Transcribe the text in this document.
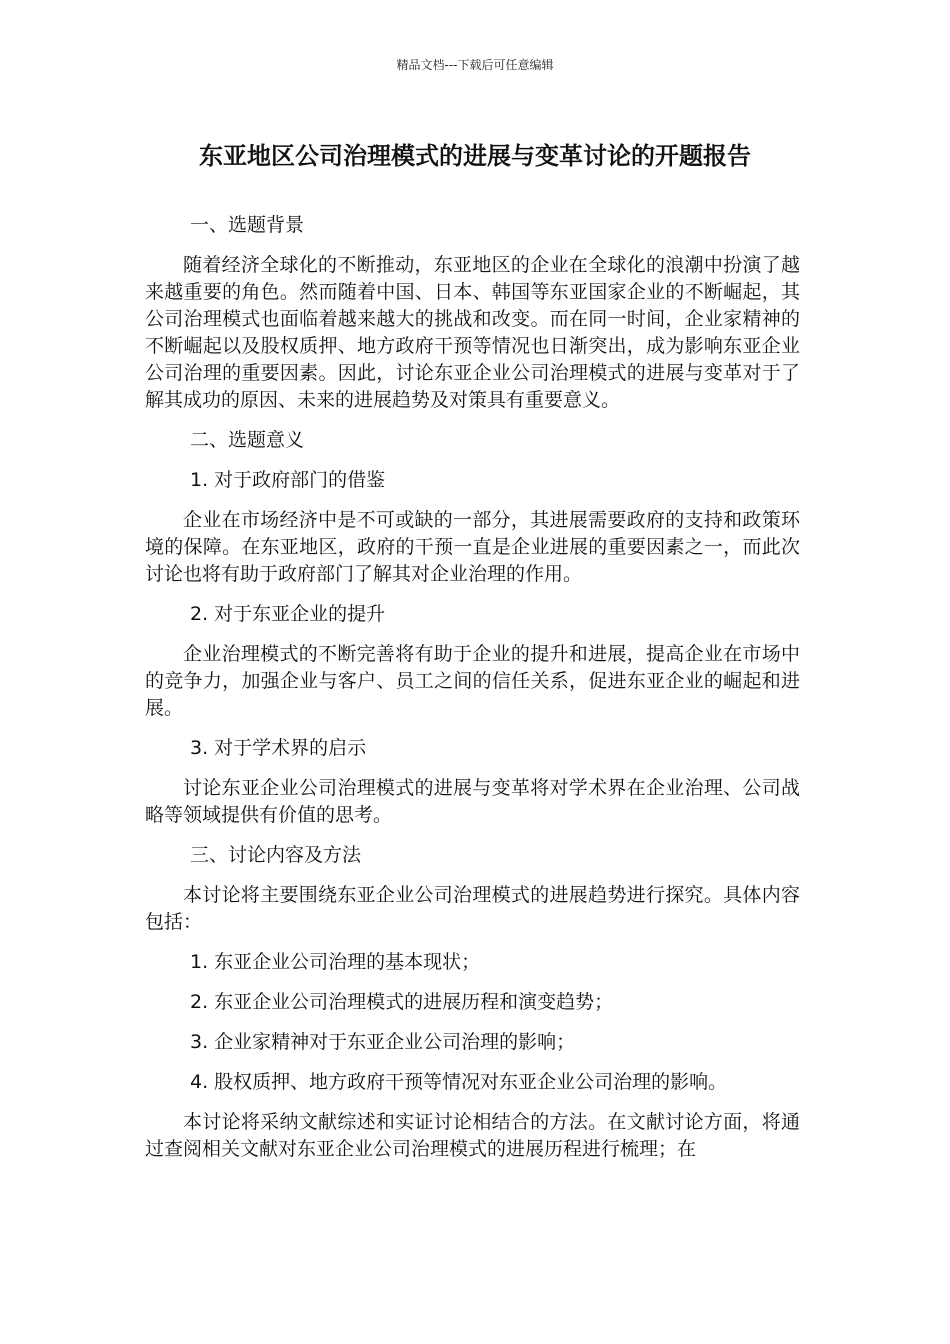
精品文档---下载后可任意编辑
东亚地区公司治理模式的进展与变革讨论的开题报告

一、选题背景

随着经济全球化的不断推动，东亚地区的企业在全球化的浪潮中扮演了越来越重要的角色。然而随着中国、日本、韩国等东亚国家企业的不断崛起，其公司治理模式也面临着越来越大的挑战和改变。而在同一时间，企业家精神的不断崛起以及股权质押、地方政府干预等情况也日渐突出，成为影响东亚企业公司治理的重要因素。因此，讨论东亚企业公司治理模式的进展与变革对于了解其成功的原因、未来的进展趋势及对策具有重要意义。

二、选题意义

1. 对于政府部门的借鉴

企业在市场经济中是不可或缺的一部分，其进展需要政府的支持和政策环境的保障。在东亚地区，政府的干预一直是企业进展的重要因素之一，而此次讨论也将有助于政府部门了解其对企业治理的作用。

2. 对于东亚企业的提升

企业治理模式的不断完善将有助于企业的提升和进展，提高企业在市场中的竞争力，加强企业与客户、员工之间的信任关系，促进东亚企业的崛起和进展。

3. 对于学术界的启示

讨论东亚企业公司治理模式的进展与变革将对学术界在企业治理、公司战略等领域提供有价值的思考。

三、讨论内容及方法

本讨论将主要围绕东亚企业公司治理模式的进展趋势进行探究。具体内容包括：

1. 东亚企业公司治理的基本现状；

2. 东亚企业公司治理模式的进展历程和演变趋势；

3. 企业家精神对于东亚企业公司治理的影响；

4. 股权质押、地方政府干预等情况对东亚企业公司治理的影响。

本讨论将采纳文献综述和实证讨论相结合的方法。在文献讨论方面，将通过查阅相关文献对东亚企业公司治理模式的进展历程进行梳理；在
